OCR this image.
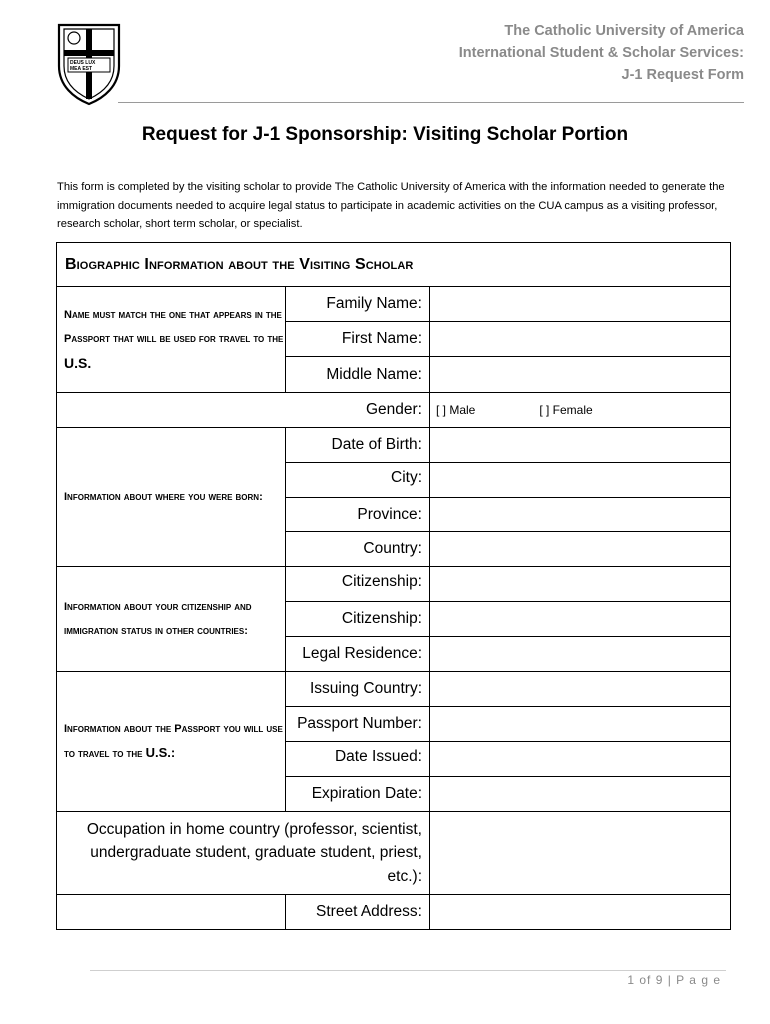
DEUS LUX
MEA EST
The Catholic University of America
International Student & Scholar Services:
J-1 Request Form
Request for J-1 Sponsorship: Visiting Scholar Portion
This form is completed by the visiting scholar to provide The Catholic University of America with the information needed to generate the immigration documents needed to acquire legal status to participate in academic activities on the CUA campus as a visiting professor, research scholar, short term scholar, or specialist.
Biographic Information about the Visiting Scholar		
Name must match the one that appears in the Passport that will be used for travel to the
U.S.	Family Name:	
	First Name:	
	Middle Name:	
Gender:		[ ] Male [ ] Female
Information about where you were born:	Date of Birth:	
	City:	
	Province:	
	Country:	
Information about your citizenship and immigration status in other countries:	Citizenship:	
	Citizenship:	
	Legal Residence:	
Information about the Passport you will use to travel to the U.S.:	Issuing Country:	
	Passport Number:	
	Date Issued:	
	Expiration Date:	
Occupation in home country (professor, scientist, undergraduate student, graduate student, priest, etc.):		
	Street Address:	
1 of 9 | P a g e
